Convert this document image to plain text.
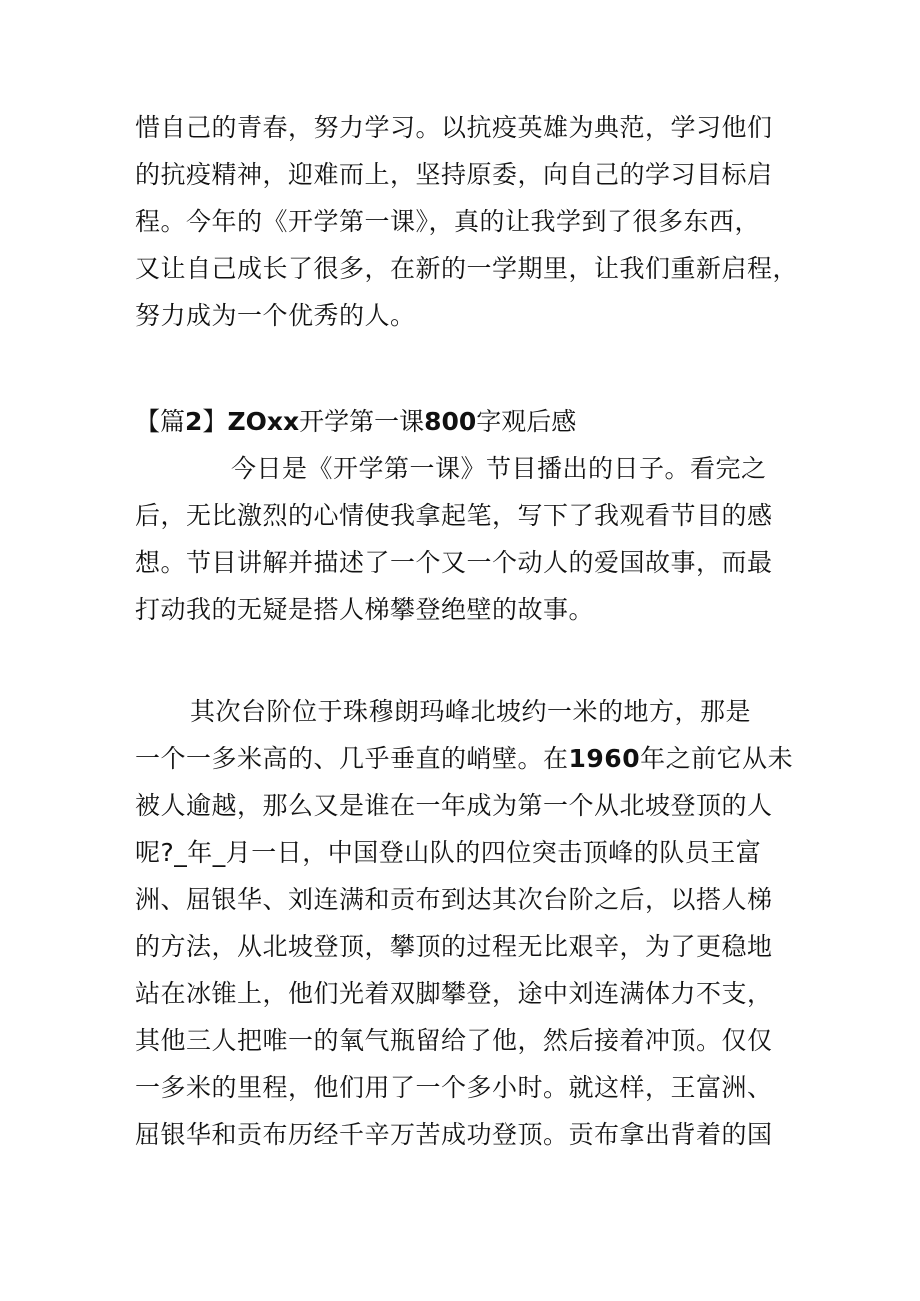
惜自己的青春，努力学习。以抗疫英雄为典范，学习他们
的抗疫精神，迎难而上，坚持原委，向自己的学习目标启
程。今年的《开学第一课》，真的让我学到了很多东西，
又让自己成长了很多，在新的一学期里，让我们重新启程，
努力成为一个优秀的人。
【篇2】ZOxx开学第一课800字观后感
今日是《开学第一课》节目播出的日子。看完之
后，无比激烈的心情使我拿起笔，写下了我观看节目的感
想。节目讲解并描述了一个又一个动人的爱国故事，而最
打动我的无疑是搭人梯攀登绝壁的故事。
其次台阶位于珠穆朗玛峰北坡约一米的地方，那是
一个一多米高的、几乎垂直的峭壁。在1960年之前它从未
被人逾越，那么又是谁在一年成为第一个从北坡登顶的人
呢?_年_月一日，中国登山队的四位突击顶峰的队员王富
洲、屈银华、刘连满和贡布到达其次台阶之后，以搭人梯
的方法，从北坡登顶，攀顶的过程无比艰辛，为了更稳地
站在冰锥上，他们光着双脚攀登，途中刘连满体力不支，
其他三人把唯一的氧气瓶留给了他，然后接着冲顶。仅仅
一多米的里程，他们用了一个多小时。就这样，王富洲、
屈银华和贡布历经千辛万苦成功登顶。贡布拿出背着的国
